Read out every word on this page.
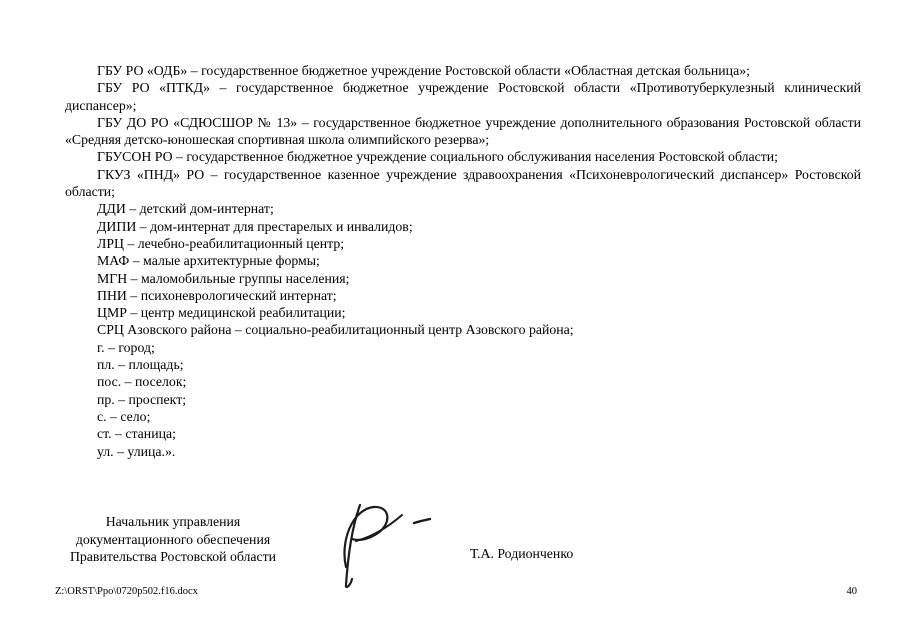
ГБУ РО «ОДБ» – государственное бюджетное учреждение Ростовской области «Областная детская больница»;

ГБУ РО «ПТКД» – государственное бюджетное учреждение Ростовской области «Противотуберкулезный клинический диспансер»;

ГБУ ДО РО «СДЮСШОР № 13» – государственное бюджетное учреждение дополнительного образования Ростовской области «Средняя детско-юношеская спортивная школа олимпийского резерва»;

ГБУСОН РО – государственное бюджетное учреждение социального обслуживания населения Ростовской области;

ГКУЗ «ПНД» РО – государственное казенное учреждение здравоохранения «Психоневрологический диспансер» Ростовской области;

ДДИ – детский дом-интернат;

ДИПИ – дом-интернат для престарелых и инвалидов;

ЛРЦ – лечебно-реабилитационный центр;

МАФ – малые архитектурные формы;

МГН – маломобильные группы населения;

ПНИ – психоневрологический интернат;

ЦМР – центр медицинской реабилитации;

СРЦ Азовского района – социально-реабилитационный центр Азовского района;

г. – город;

пл. – площадь;

пос. – поселок;

пр. – проспект;

с. – село;

ст. – станица;

ул. – улица.».

Начальник управления
документационного обеспечения
Правительства Ростовской области	Т.А. Родионченко
Z:\ORST\Ppo\0720p502.f16.docx	40
